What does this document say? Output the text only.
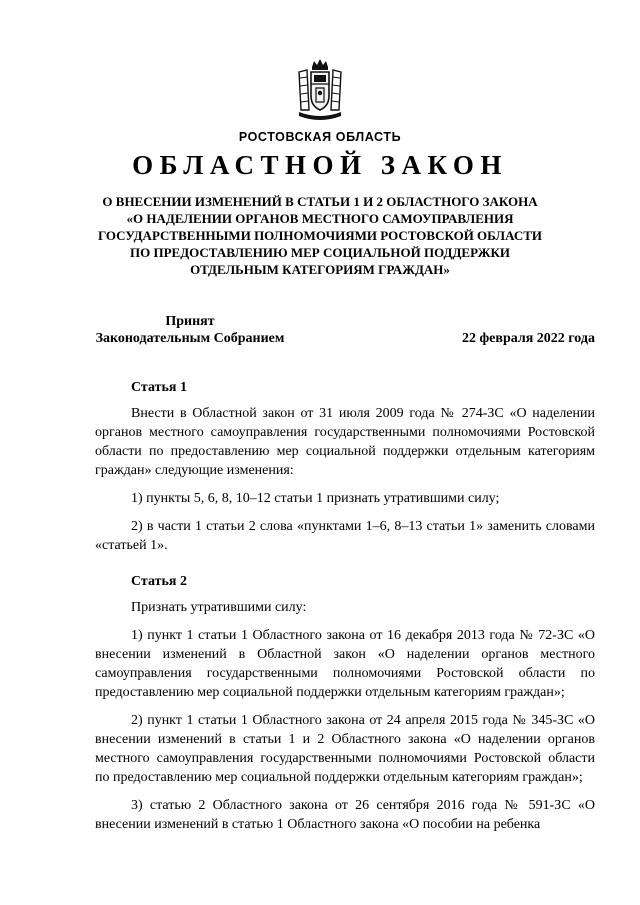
РОСТОВСКАЯ ОБЛАСТЬ
ОБЛАСТНОЙ ЗАКОН
О ВНЕСЕНИИ ИЗМЕНЕНИЙ В СТАТЬИ 1 И 2 ОБЛАСТНОГО ЗАКОНА
«О НАДЕЛЕНИИ ОРГАНОВ МЕСТНОГО САМОУПРАВЛЕНИЯ
ГОСУДАРСТВЕННЫМИ ПОЛНОМОЧИЯМИ РОСТОВСКОЙ ОБЛАСТИ
ПО ПРЕДОСТАВЛЕНИЮ МЕР СОЦИАЛЬНОЙ ПОДДЕРЖКИ
ОТДЕЛЬНЫМ КАТЕГОРИЯМ ГРАЖДАН»
Принят
Законодательным Собранием	22 февраля 2022 года
Статья 1

Внести в Областной закон от 31 июля 2009 года № 274-ЗС «О наделении органов местного самоуправления государственными полномочиями Ростовской области по предоставлению мер социальной поддержки отдельным категориям граждан» следующие изменения:

1) пункты 5, 6, 8, 10–12 статьи 1 признать утратившими силу;

2) в части 1 статьи 2 слова «пунктами 1–6, 8–13 статьи 1» заменить словами «статьей 1».

Статья 2

Признать утратившими силу:

1) пункт 1 статьи 1 Областного закона от 16 декабря 2013 года № 72-ЗС «О внесении изменений в Областной закон «О наделении органов местного самоуправления государственными полномочиями Ростовской области по предоставлению мер социальной поддержки отдельным категориям граждан»;

2) пункт 1 статьи 1 Областного закона от 24 апреля 2015 года № 345-ЗС «О внесении изменений в статьи 1 и 2 Областного закона «О наделении органов местного самоуправления государственными полномочиями Ростовской области по предоставлению мер социальной поддержки отдельным категориям граждан»;

3) статью 2 Областного закона от 26 сентября 2016 года № 591-ЗС «О внесении изменений в статью 1 Областного закона «О пособии на ребенка
